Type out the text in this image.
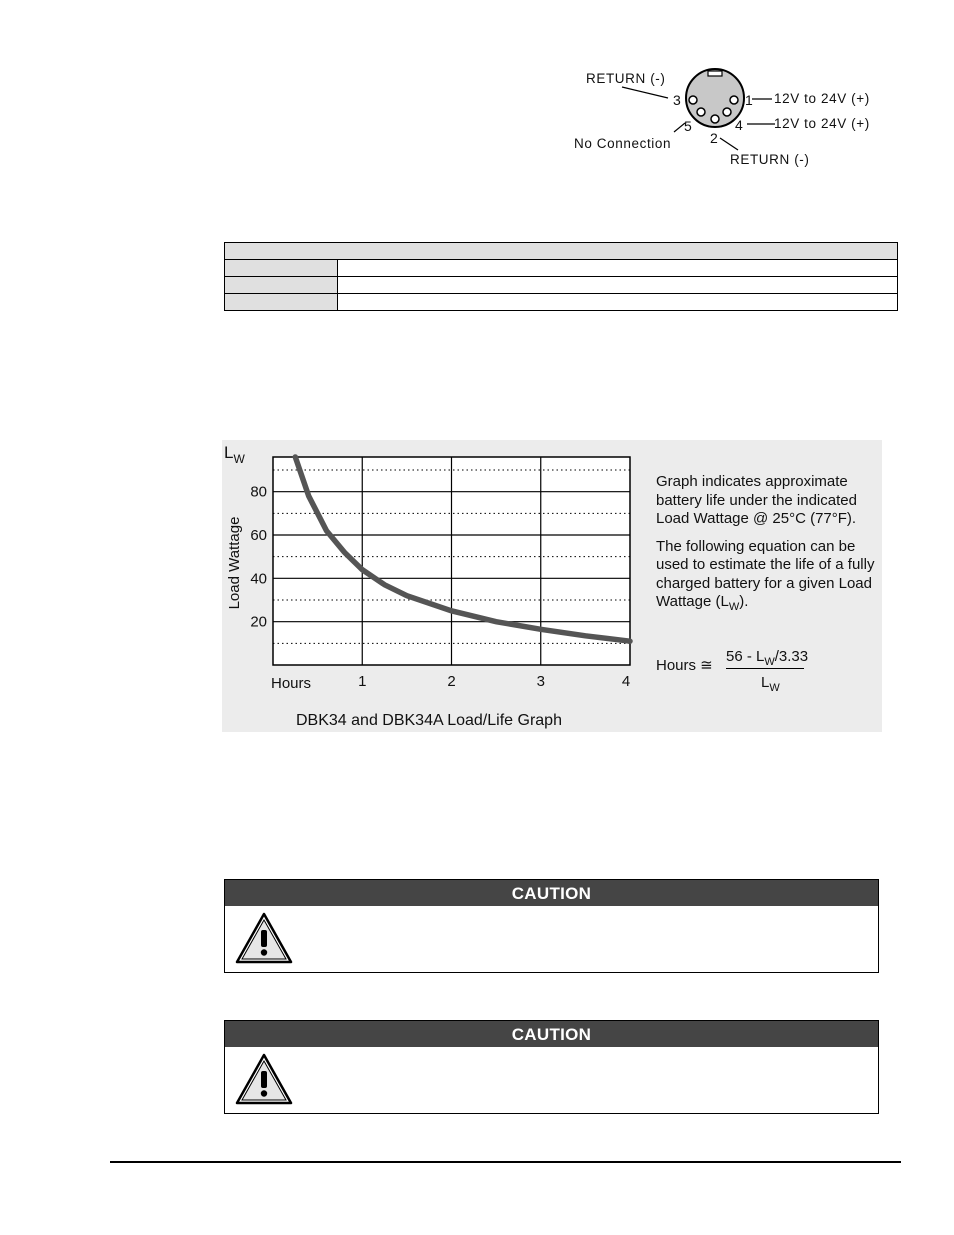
RETURN (-)
12V to 24V (+)
12V to 24V (+)
No Connection
RETURN (-)
3	1
5	4
2
20
40
60
80
1	2	3	4
Hours
Load Wattage
$L_W$

Graph indicates approximate battery life under the indicated Load Wattage @ 25°C (77°F).

The following equation can be used to estimate the life of a fully charged battery for a given Load Wattage $(L_W)$.

Hours ≅
$56 - L_W/3.33$
$L_W$
DBK34 and DBK34A Load/Life Graph
CAUTION
CAUTION
